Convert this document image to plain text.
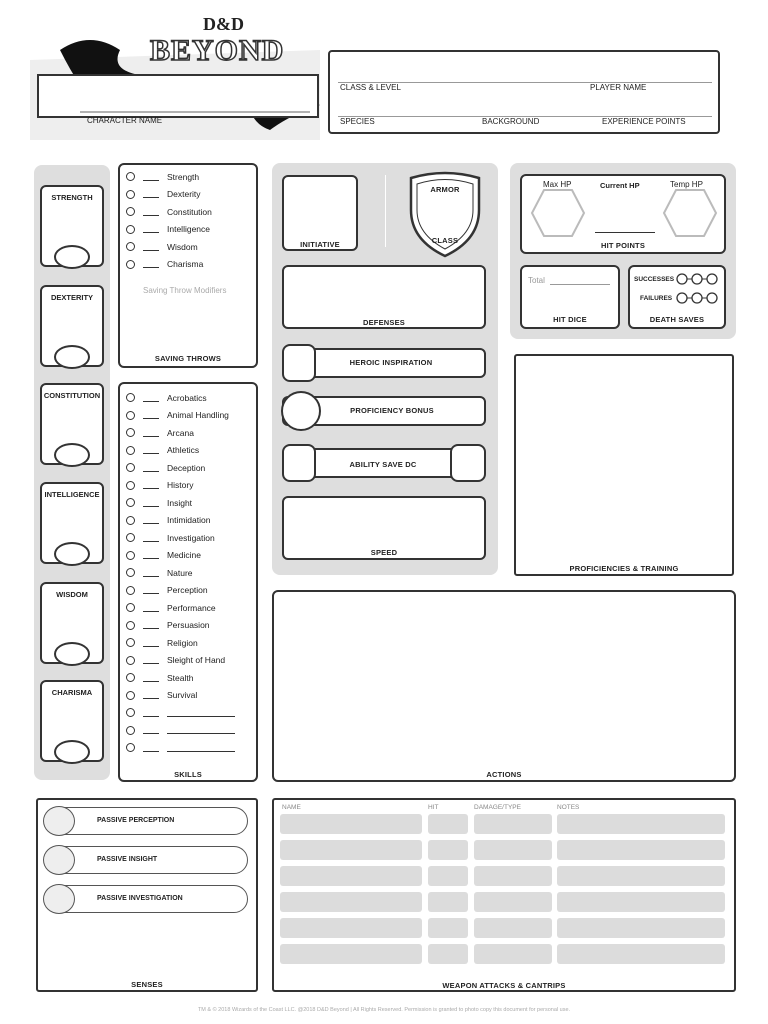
D&D
BEYOND
CHARACTER NAME
CLASS & LEVEL	PLAYER NAME
SPECIES	BACKGROUND	EXPERIENCE POINTS
STRENGTH
DEXTERITY
CONSTITUTION
INTELLIGENCE
WISDOM
CHARISMA
Strength
Dexterity
Constitution
Intelligence
Wisdom
Charisma
Saving Throw Modifiers
SAVING THROWS
Acrobatics
Animal Handling
Arcana
Athletics
Deception
History
Insight
Intimidation
Investigation
Medicine
Nature
Perception
Performance
Persuasion
Religion
Sleight of Hand
Stealth
Survival
SKILLS
INITIATIVE
ARMOR
CLASS
DEFENSES
HEROIC INSPIRATION
PROFICIENCY BONUS
ABILITY SAVE DC
SPEED
Max HP	Current HP	Temp HP
HIT POINTS
Total
HIT DICE
SUCCESSES
FAILURES
DEATH SAVES
PROFICIENCIES & TRAINING
ACTIONS
PASSIVE PERCEPTION
PASSIVE INSIGHT
PASSIVE INVESTIGATION
SENSES
NAME	HIT	DAMAGE/TYPE	NOTES
WEAPON ATTACKS & CANTRIPS
TM & © 2018 Wizards of the Coast LLC. @2018 D&D Beyond | All Rights Reserved. Permission is granted to photo copy this document for personal use.
